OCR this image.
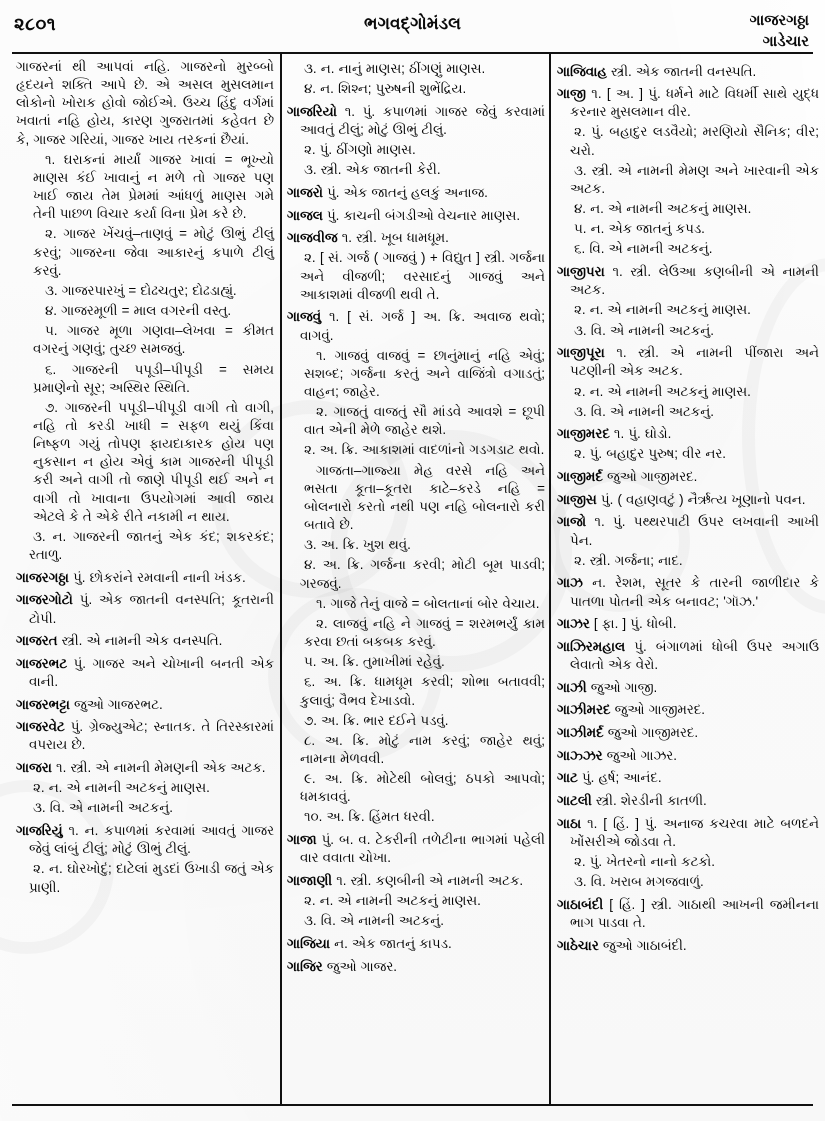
૨૮૦૧	ભગવદ્ગોમંડલ	ગાજરગઠ્ઠા
ગાડેચાર

ગાજરનાં થી આપવાં નહિ. ગાજરનો મુરબ્બો હૃદયને શક્તિ આપે છે. એ અસલ મુસલમાન લોકોનો ખોરાક હોવો જોઈએ. ઉચ્ચ હિંદુ વર્ગમાં ખવાતાં નહિ હોય, કારણ ગુજરાતમાં કહેવત છે કે, ગાજર ગરિયાં, ગાજર ખાય તરકનાં છૈયાં.

૧. ઘરાકનાં માર્યાં ગાજર ખાવાં = ભૂખ્યો માણસ કંઈ ખાવાનું ન મળે તો ગાજર પણ ખાઈ જાય તેમ પ્રેમમાં આંધળું માણસ ગમે તેની પાછળ વિચાર કર્યા વિના પ્રેમ કરે છે.

૨. ગાજર ખેંચવું–તાણવું = મોટું ઊભું ટીલું કરવું; ગાજરના જેવા આકારનું કપાળે ટીલું કરવું.

૩. ગાજરપારખું = દોઢચતુર; દોઢડાહ્યું.

૪. ગાજરમૂળી = માલ વગરની વસ્તુ.

૫. ગાજર મૂળા ગણવા–લેખવા = કીમત વગરનું ગણવું; તુચ્છ સમજવું.

૬. ગાજરની પપૂડી–પીપૂડી = સમય પ્રમાણેનો સૂર; અસ્થિર સ્થિતિ.

૭. ગાજરની પપૂડી–પીપૂડી વાગી તો વાગી, નહિ તો કરડી ખાધી = સફળ થયું કિંવા નિષ્ફળ ગયું તોપણ ફાયદાકારક હોય પણ નુકસાન ન હોય એવું કામ ગાજરની પીપૂડી કરી અને વાગી તો જાણે પીપૂડી થઈ અને ન વાગી તો ખાવાના ઉપયોગમાં આવી જાય એટલે કે તે એકે રીતે નકામી ન થાય.

૩. ન. ગાજરની જાતનું એક કંદ; શકરકંદ; રતાળુ.

ગાજરગઠ્ઠા પું. છોકરાંને રમવાની નાની ખંડક.

ગાજરગોટો પું. એક જાતની વનસ્પતિ; કૂતરાની ટોપી.

ગાજરત સ્ત્રી. એ નામની એક વનસ્પતિ.

ગાજરભટ પું. ગાજર અને ચોખાની બનતી એક વાની.

ગાજરભટ્ટા જુઓ ગાજરભટ.

ગાજરવેટ પું. ગ્રેજ્યુએટ; સ્નાતક. તે તિરસ્કારમાં વપરાય છે.

ગાજરા ૧. સ્ત્રી. એ નામની મેમણની એક અટક.

૨. ન. એ નામની અટકનું માણસ.

૩. વિ. એ નામની અટકનું.

ગાજરિયું ૧. ન. કપાળમાં કરવામાં આવતું ગાજર જેવું લાંબું ટીલું; મોટું ઊભું ટીલું.

૨. ન. ઘોરખોદું; દાટેલાં મુડદાં ઉખાડી જતું એક પ્રાણી.

૩. ન. નાનું માણસ; ઠીંગણું માણસ.

૪. ન. શિશ્ન; પુરુષની શુભેંદ્રિય.

ગાજરિયો ૧. પું. કપાળમાં ગાજર જેવું કરવામાં આવતું ટીલું; મોટું ઊભું ટીલું.

૨. પું. ઠીંગણો માણસ.

૩. સ્ત્રી. એક જાતની કેરી.

ગાજરો પું. એક જાતનું હલકું અનાજ.

ગાજલ પું. કાચની બંગડીઓ વેચનાર માણસ.

ગાજવીજ ૧. સ્ત્રી. ખૂબ ધામધૂમ.

૨. [ સં. ગર્જ ( ગાજવું ) + વિદ્યુત ] સ્ત્રી. ગર્જના અને વીજળી; વરસાદનું ગાજવું અને આકાશમાં વીજળી થવી તે.

ગાજવું ૧. [ સં. ગર્જ ] અ. ક્રિ. અવાજ થવો; વાગવું.

૧. ગાજવું વાજવું = છાનુંમાનું નહિ એવું; સશબ્દ; ગર્જના કરતું અને વાજિંત્રો વગાડતું; વાહન; જાહેર.

૨. ગાજતું વાજતું સૌ માંડવે આવશે = છૂપી વાત એની મેળે જાહેર થશે.

૨. અ. ક્રિ. આકાશમાં વાદળાંનો ગડગડાટ થવો.

ગાજતા–ગાજ્યા મેહ વરસે નહિ અને ભસતા કૂતા–કૂતરા કાટે–કરડે નહિ = બોલનારો કરતો નથી પણ નહિ બોલનારો કરી બતાવે છે.

૩. અ. ક્રિ. ખુશ થવું.

૪. અ. ક્રિ. ગર્જના કરવી; મોટી બૂમ પાડવી; ગરજવું.

૧. ગાજે તેનું વાજે = બોલતાનાં બોર વેચાય.

૨. લાજવું નહિ ને ગાજવું = શરમભર્યું કામ કરવા છતાં બકબક કરવું.

૫. અ. ક્રિ. તુમાખીમાં રહેવું.

૬. અ. ક્રિ. ધામધૂમ કરવી; શોભા બતાવવી; કુલાવું; વૈભવ દેખાડવો.

૭. અ. ક્રિ. ભાર દઈને પડવું.

૮. અ. ક્રિ. મોટું નામ કરવું; જાહેર થવું; નામના મેળવવી.

૯. અ. ક્રિ. મોટેથી બોલવું; ઠપકો આપવો; ધમકાવવું.

૧૦. અ. ક્રિ. હિંમત ધરવી.

ગાજા પું. બ. વ. ટેકરીની તળેટીના ભાગમાં પહેલી વાર વવાતા ચોખા.

ગાજાણી ૧. સ્ત્રી. કણબીની એ નામની અટક.

૨. ન. એ નામની અટકનું માણસ.

૩. વિ. એ નામની અટકનું.

ગાજિયા ન. એક જાતનું કાપડ.

ગાજિર જુઓ ગાજર.

ગાજિવાહ સ્ત્રી. એક જાતની વનસ્પતિ.

ગાજી ૧. [ અ. ] પું. ધર્મને માટે વિધર્મી સાથે યુદ્ધ કરનાર મુસલમાન વીર.

૨. પું. બહાદુર લડવૈયો; મરણિયો સૈનિક; વીર; ચરો.

૩. સ્ત્રી. એ નામની મેમણ અને ખારવાની એક અટક.

૪. ન. એ નામની અટકનું માણસ.

૫. ન. એક જાતનું કપડ.

૬. વિ. એ નામની અટકનું.

ગાજીપરા ૧. સ્ત્રી. લેઉઆ કણબીની એ નામની અટક.

૨. ન. એ નામની અટકનું માણસ.

૩. વિ. એ નામની અટકનું.

ગાજીપૂરા ૧. સ્ત્રી. એ નામની પીંજારા અને પટણીની એક અટક.

૨. ન. એ નામની અટકનું માણસ.

૩. વિ. એ નામની અટકનું.

ગાજીમરદ ૧. પું. ઘોડો.

૨. પું. બહાદુર પુરુષ; વીર નર.

ગાજીમર્દ જુઓ ગાજીમરદ.

ગાજીસ પું. ( વહાણવટું ) નૈર્ઋત્ય ખૂણાનો પવન.

ગાજો ૧. પું. પથ્થરપાટી ઉપર લખવાની આખી પેન.

૨. સ્ત્રી. ગર્જના; નાદ.

ગાઝ ન. રેશમ, સૂતર કે તારની જાળીદાર કે પાતળા પોતની એક બનાવટ; 'ગૉઝ.'

ગાઝર [ ફા. ] પું. ધોબી.

ગાઝિરમહાલ પું. બંગાળમાં ધોબી ઉપર અગાઉ લેવાતો એક વેરો.

ગાઝી જુઓ ગાજી.

ગાઝીમરદ જુઓ ગાજીમરદ.

ગાઝીમર્દ જુઓ ગાજીમરદ.

ગાઝ્ઝર જુઓ ગાઝર.

ગાટ પું. હર્ષ; આનંદ.

ગાટલી સ્ત્રી. શેરડીની કાતળી.

ગાઠા ૧. [ હિં. ] પું. અનાજ કચરવા માટે બળદને ખોંસરીએ જોડવા તે.

૨. પું. ખેતરનો નાનો કટકો.

૩. વિ. ખરાબ મગજવાળું.

ગાઠાબંદી [ હિં. ] સ્ત્રી. ગાઠાથી આખની જમીનના ભાગ પાડવા તે.

ગાઠેચાર જુઓ ગાઠાબંદી.
